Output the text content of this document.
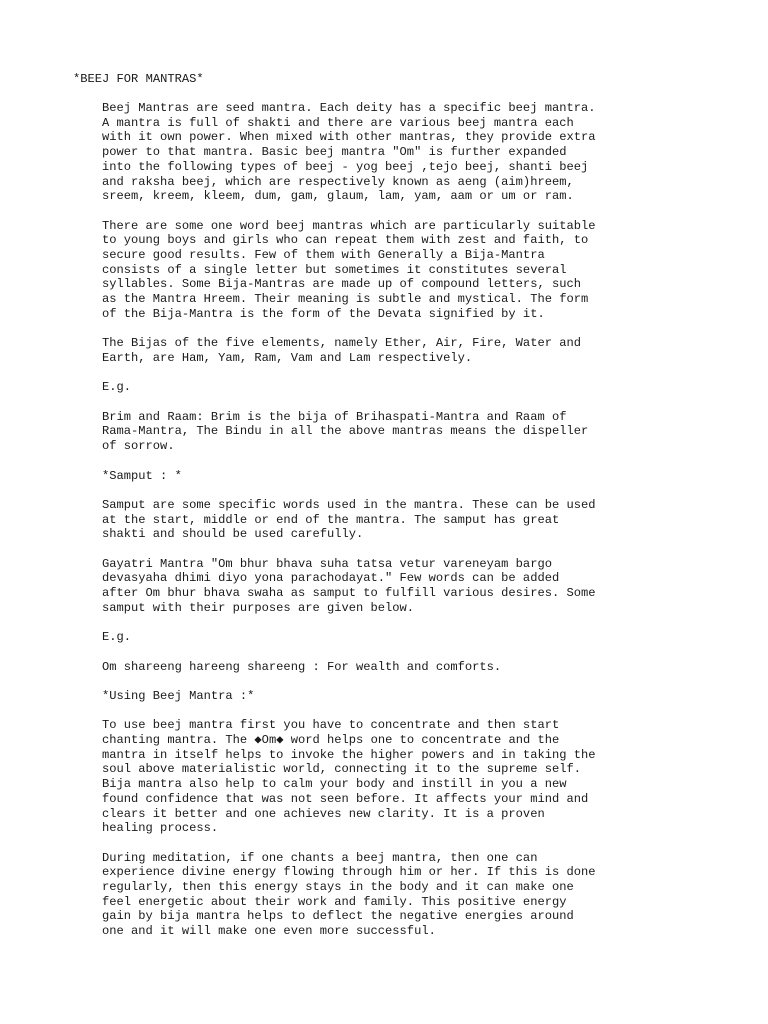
*BEEJ FOR MANTRAS*

Beej Mantras are seed mantra. Each deity has a specific beej mantra.
A mantra is full of shakti and there are various beej mantra each
with it own power. When mixed with other mantras, they provide extra
power to that mantra. Basic beej mantra "Om" is further expanded
into the following types of beej - yog beej ,tejo beej, shanti beej
and raksha beej, which are respectively known as aeng (aim)hreem,
sreem, kreem, kleem, dum, gam, glaum, lam, yam, aam or um or ram.

There are some one word beej mantras which are particularly suitable
to young boys and girls who can repeat them with zest and faith, to
secure good results. Few of them with Generally a Bija-Mantra
consists of a single letter but sometimes it constitutes several
syllables. Some Bija-Mantras are made up of compound letters, such
as the Mantra Hreem. Their meaning is subtle and mystical. The form
of the Bija-Mantra is the form of the Devata signified by it.

The Bijas of the five elements, namely Ether, Air, Fire, Water and
Earth, are Ham, Yam, Ram, Vam and Lam respectively.

E.g.

Brim and Raam: Brim is the bija of Brihaspati-Mantra and Raam of
Rama-Mantra, The Bindu in all the above mantras means the dispeller
of sorrow.

*Samput : *

Samput are some specific words used in the mantra. These can be used
at the start, middle or end of the mantra. The samput has great
shakti and should be used carefully.

Gayatri Mantra "Om bhur bhava suha tatsa vetur vareneyam bargo
devasyaha dhimi diyo yona parachodayat." Few words can be added
after Om bhur bhava swaha as samput to fulfill various desires. Some
samput with their purposes are given below.

E.g.

Om shareeng hareeng shareeng : For wealth and comforts.

*Using Beej Mantra :*

To use beej mantra first you have to concentrate and then start
chanting mantra. The ◆Om◆ word helps one to concentrate and the
mantra in itself helps to invoke the higher powers and in taking the
soul above materialistic world, connecting it to the supreme self.
Bija mantra also help to calm your body and instill in you a new
found confidence that was not seen before. It affects your mind and
clears it better and one achieves new clarity. It is a proven
healing process.

During meditation, if one chants a beej mantra, then one can
experience divine energy flowing through him or her. If this is done
regularly, then this energy stays in the body and it can make one
feel energetic about their work and family. This positive energy
gain by bija mantra helps to deflect the negative energies around
one and it will make one even more successful.
